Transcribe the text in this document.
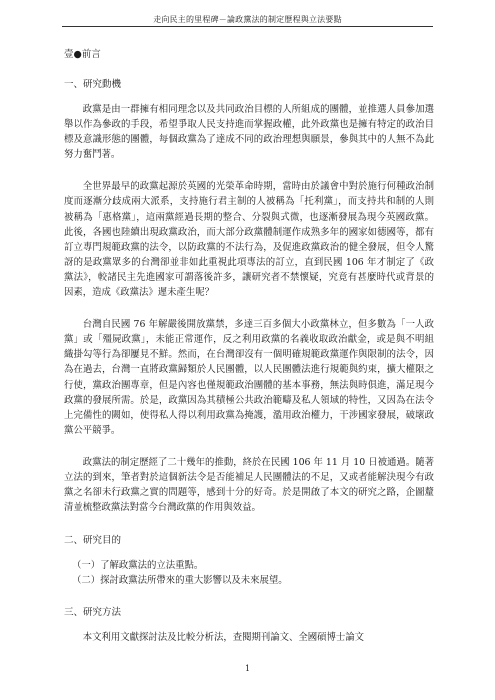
走向民主的里程碑－論政黨法的制定歷程與立法要點
壹●前言
一、研究動機

政黨是由一群擁有相同理念以及共同政治目標的人所組成的團體，並推選人員參加選舉以作為參政的手段，希望爭取人民支持進而掌握政權，此外政黨也是擁有特定的政治目標及意識形態的團體，每個政黨為了達成不同的政治理想與願景，參與其中的人無不為此努力奮鬥著。

全世界最早的政黨起源於英國的光榮革命時期，當時由於議會中對於施行何種政治制度而逐漸分歧成兩大派系，支持施行君主制的人被稱為「托利黨」，而支持共和制的人則被稱為「惠格黨」，這兩黨經過長期的整合、分裂與式微，也逐漸發展為現今英國政黨。此後，各國也陸續出現政黨政治，而大部分政黨體制運作成熟多年的國家如德國等，都有訂立專門規範政黨的法令，以防政黨的不法行為，及促進政黨政治的健全發展，但令人驚訝的是政黨眾多的台灣卻並非如此重視此項專法的訂立，直到民國 106 年才制定了《政黨法》，較諸民主先進國家可謂落後許多，讓研究者不禁懷疑，究竟有甚麼時代或背景的因素，造成《政黨法》遲未產生呢？

台灣自民國 76 年解嚴後開放黨禁，多達三百多個大小政黨林立，但多數為「一人政黨」或「殭屍政黨」，未能正常運作，反之利用政黨的名義收取政治獻金，或是與不明組織掛勾等行為卻屢見不鮮。然而，在台灣卻沒有一個明確規範政黨運作與限制的法令，因為在過去，台灣一直將政黨歸類於人民團體，以人民團體法進行規範與約束，擴大權限之行使，黨政治團專章，但是內容也僅規範政治團體的基本事務，無法與時俱進，滿足現今政黨的發展所需。於是，政黨因為其積極公共政治範疇及私人領域的特性，又因為在法令上完備性的闕如，使得私人得以利用政黨為掩護，濫用政治權力，干涉國家發展，破壞政黨公平競爭。

政黨法的制定歷經了二十幾年的推動，終於在民國 106 年 11 月 10 日被通過。隨著立法的到來，筆者對於這個新法令是否能補足人民團體法的不足，又或者能解決現今有政黨之名卻未行政黨之實的問題等，感到十分的好奇。於是開啟了本文的研究之路，企圖釐清並梳整政黨法對當今台灣政黨的作用與效益。

二、研究目的
（一）了解政黨法的立法重點。
（二）探討政黨法所帶來的重大影響以及未來展望。
三、研究方法

本文利用文獻探討法及比較分析法，查閱期刊論文、全國碩博士論文

1
